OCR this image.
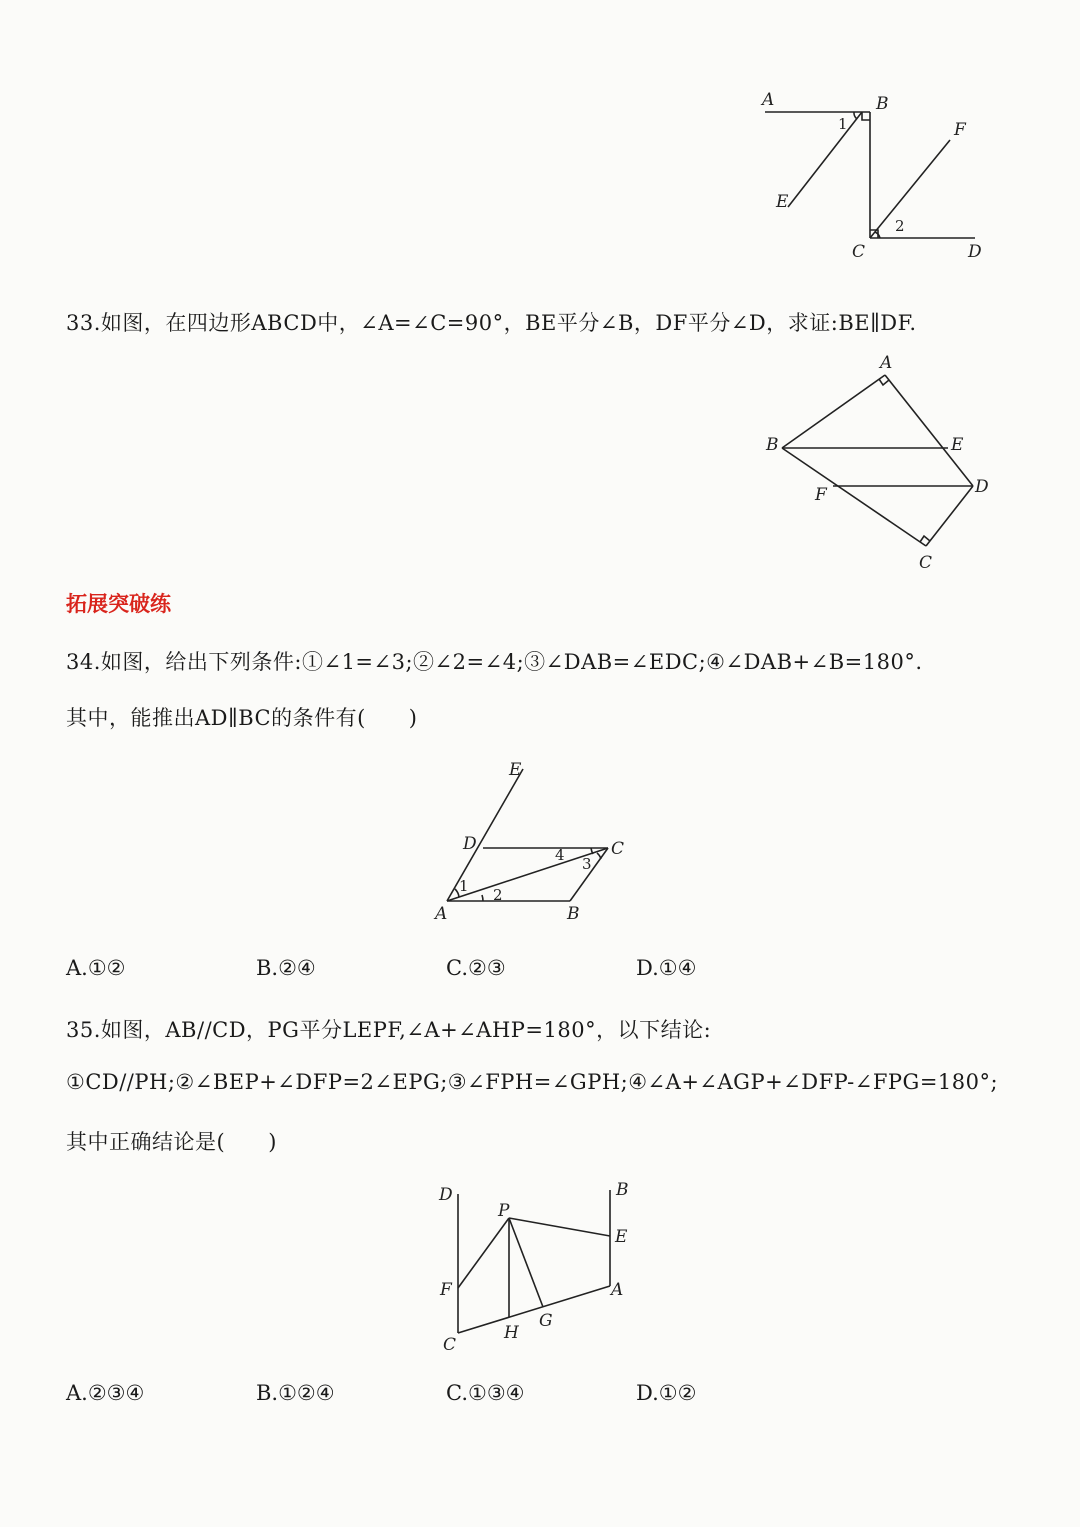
A	B
C	D
E
F
1
2
33.如图，在四边形ABCD中，∠A=∠C=90°，BE平分∠B，DF平分∠D，求证:BE∥DF.
A
B
C
D
E
F
拓展突破练
34.如图，给出下列条件:①∠1=∠3;②∠2=∠4;③∠DAB=∠EDC;④∠DAB+∠B=180°.
其中，能推出AD∥BC的条件有(　　)
A	B
C
D
E
1 2
3
4
A.①②	B.②④	C.②③	D.①④
35.如图，AB//CD，PG平分LEPF,∠A+∠AHP=180°，以下结论:
①CD//PH;②∠BEP+∠DFP=2∠EPG;③∠FPH=∠GPH;④∠A+∠AGP+∠DFP-∠FPG=180°;
其中正确结论是(　　)
D	B
E
A
F
P
C
H
G
A.②③④	B.①②④	C.①③④	D.①②
